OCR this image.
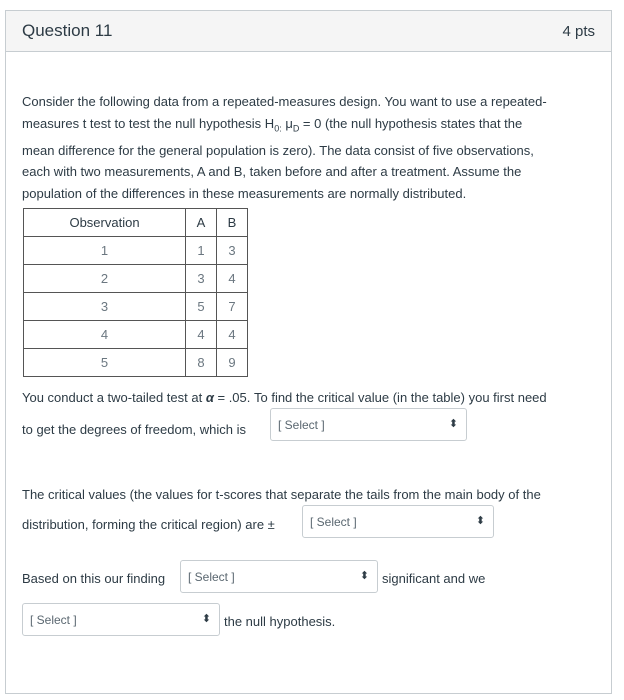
Question 11	4 pts
Consider the following data from a repeated-measures design. You want to use a repeated-
measures t test to test the null hypothesis $H_{0:}$ $\mu_D = 0$ (the null hypothesis states that the
mean difference for the general population is zero). The data consist of five observations,
each with two measurements, A and B, taken before and after a treatment. Assume the
population of the differences in these measurements are normally distributed.
Observation	A	B
1	1	3
2	3	4
3	5	7
4	4	4
5	8	9
You conduct a two-tailed test at α = .05. To find the critical value (in the table) you first need
to get the degrees of freedom, which is	[ Select ]	⬍
The critical values (the values for t-scores that separate the tails from the main body of the
distribution, forming the critical region) are ±	[ Select ]	⬍
Based on this our finding [ Select ]	⬍ significant and we
[ Select ]	⬍ the null hypothesis.
